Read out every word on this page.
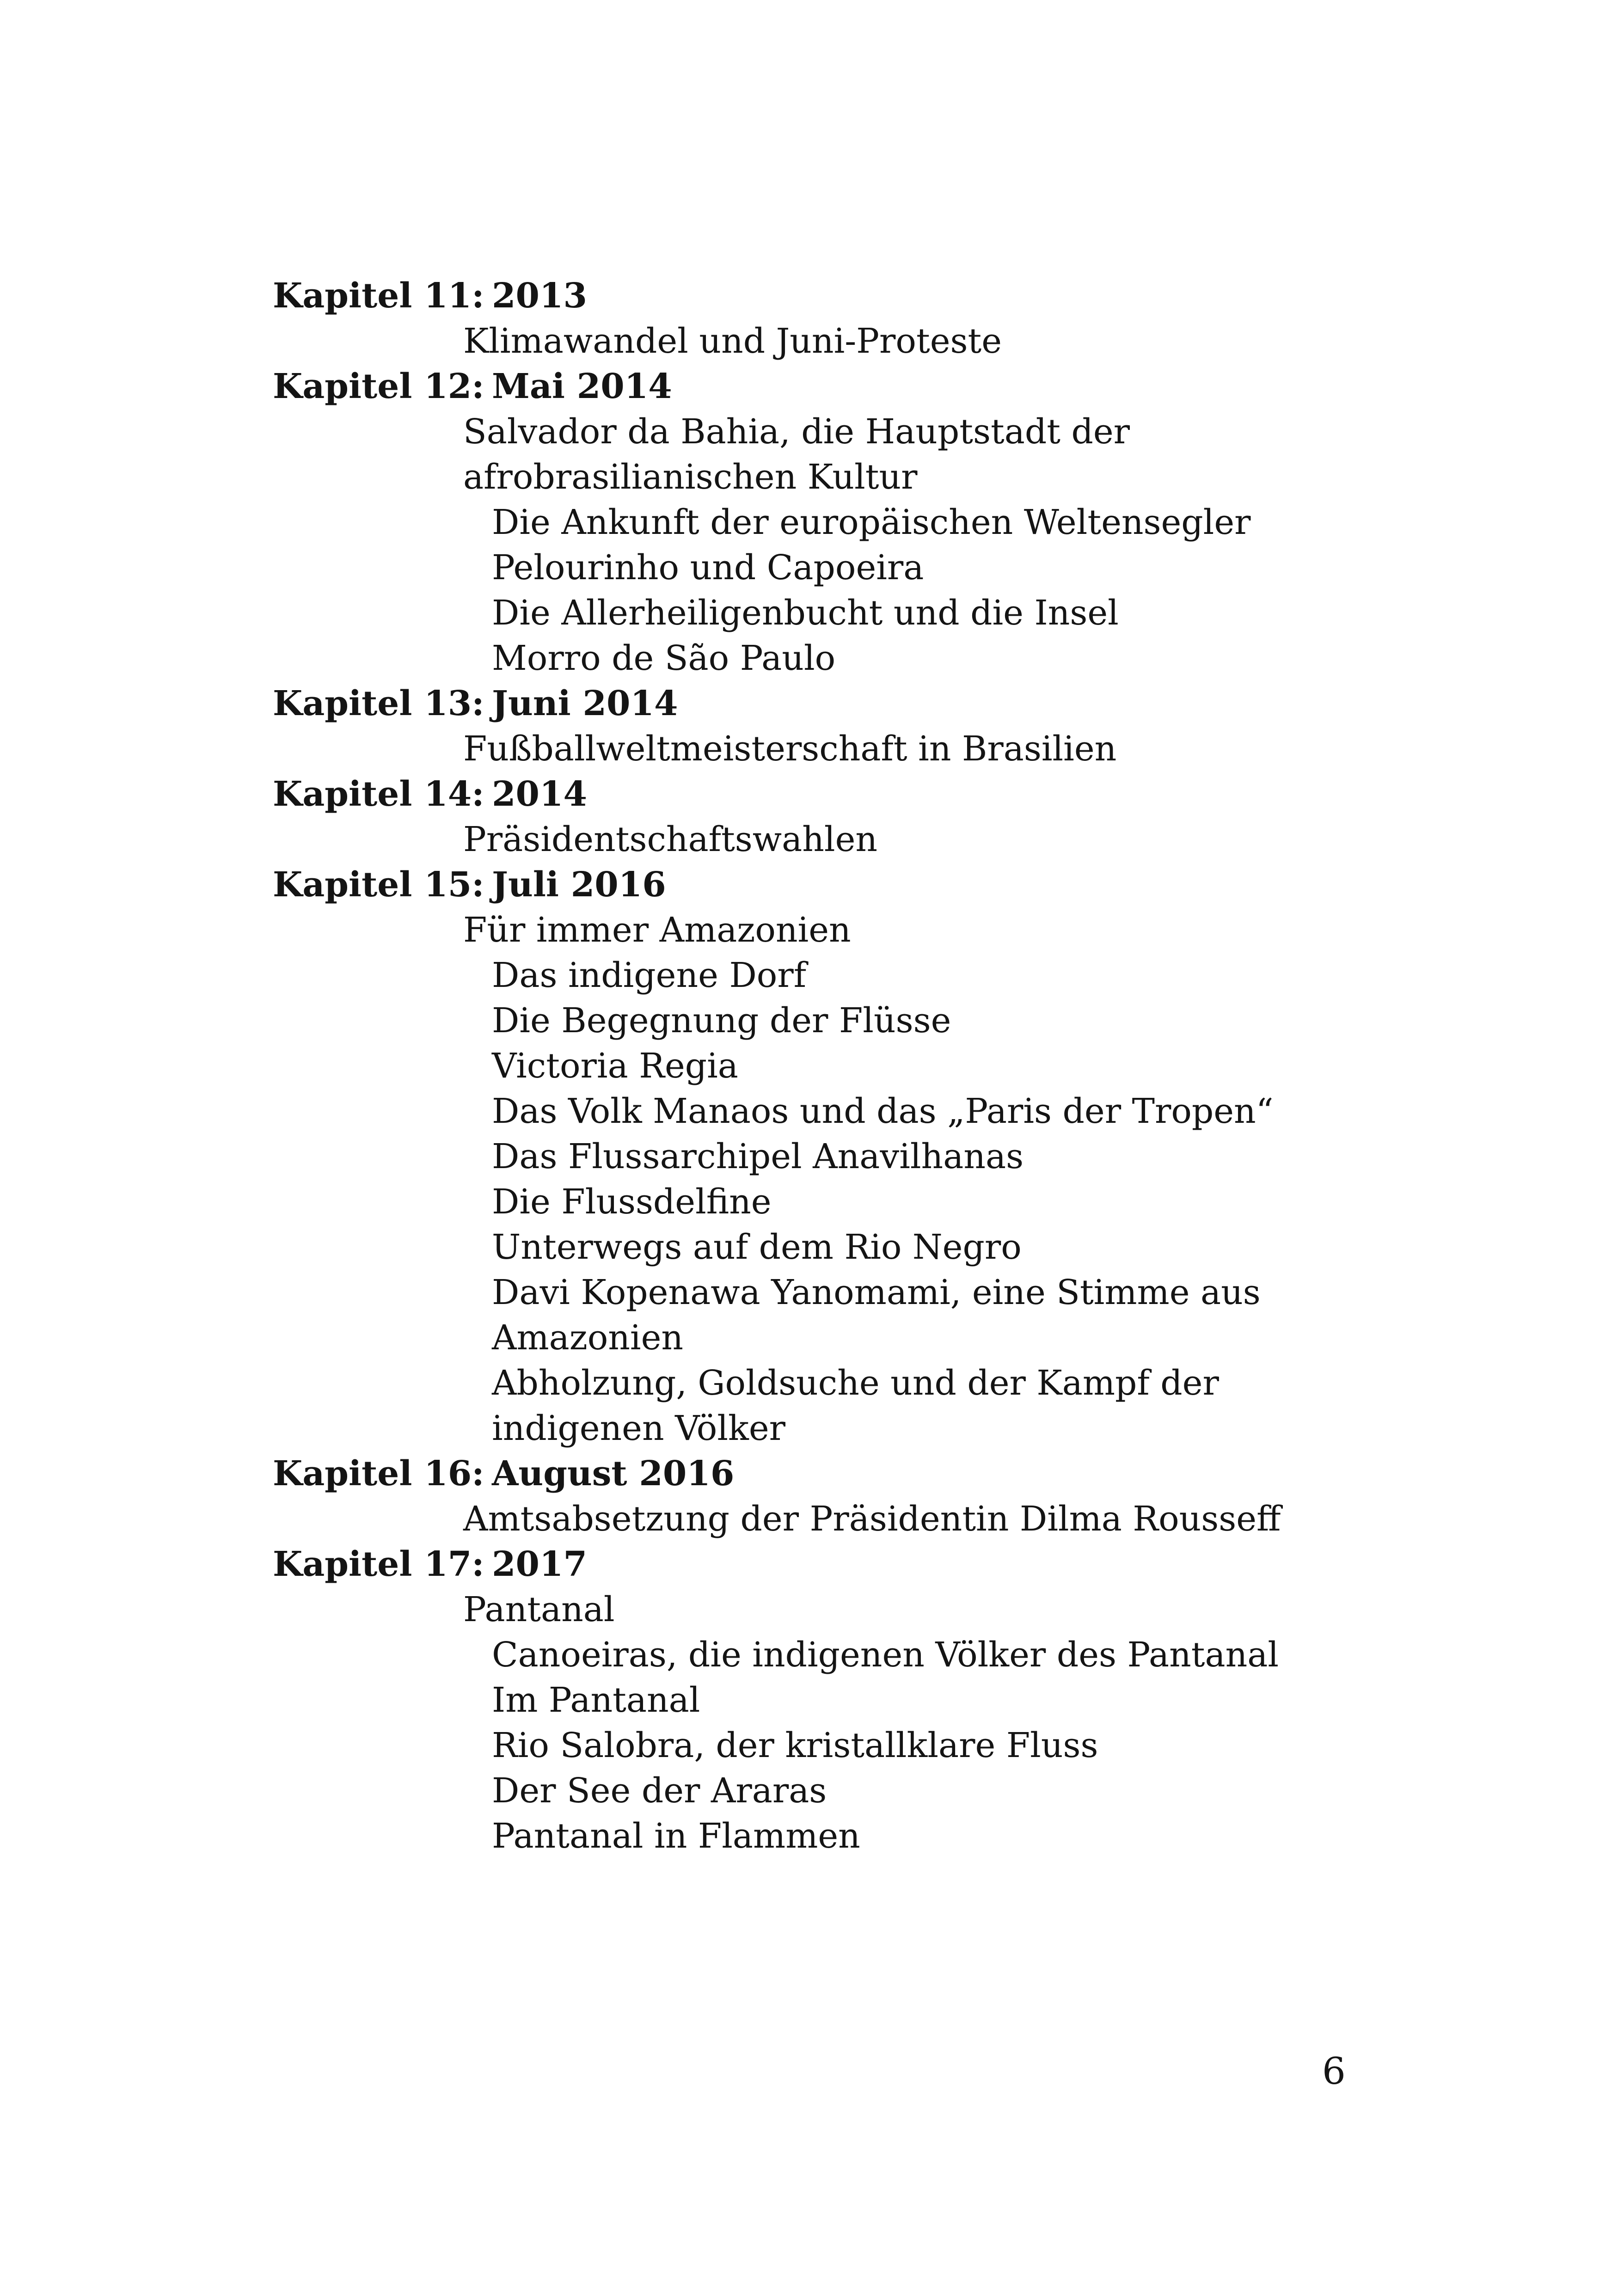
Kapitel 11: 2013
Klimawandel und Juni-Proteste
Kapitel 12: Mai 2014
Salvador da Bahia, die Hauptstadt der
afrobrasilianischen Kultur
Die Ankunft der europäischen Weltensegler
Pelourinho und Capoeira
Die Allerheiligenbucht und die Insel
Morro de São Paulo
Kapitel 13: Juni 2014
Fußballweltmeisterschaft in Brasilien
Kapitel 14: 2014
Präsidentschaftswahlen
Kapitel 15: Juli 2016
Für immer Amazonien
Das indigene Dorf
Die Begegnung der Flüsse
Victoria Regia
Das Volk Manaos und das „Paris der Tropen“
Das Flussarchipel Anavilhanas
Die Flussdelfine
Unterwegs auf dem Rio Negro
Davi Kopenawa Yanomami, eine Stimme aus
Amazonien
Abholzung, Goldsuche und der Kampf der
indigenen Völker
Kapitel 16: August 2016
Amtsabsetzung der Präsidentin Dilma Rousseff
Kapitel 17: 2017
Pantanal
Canoeiras, die indigenen Völker des Pantanal
Im Pantanal
Rio Salobra, der kristallklare Fluss
Der See der Araras
Pantanal in Flammen
6
